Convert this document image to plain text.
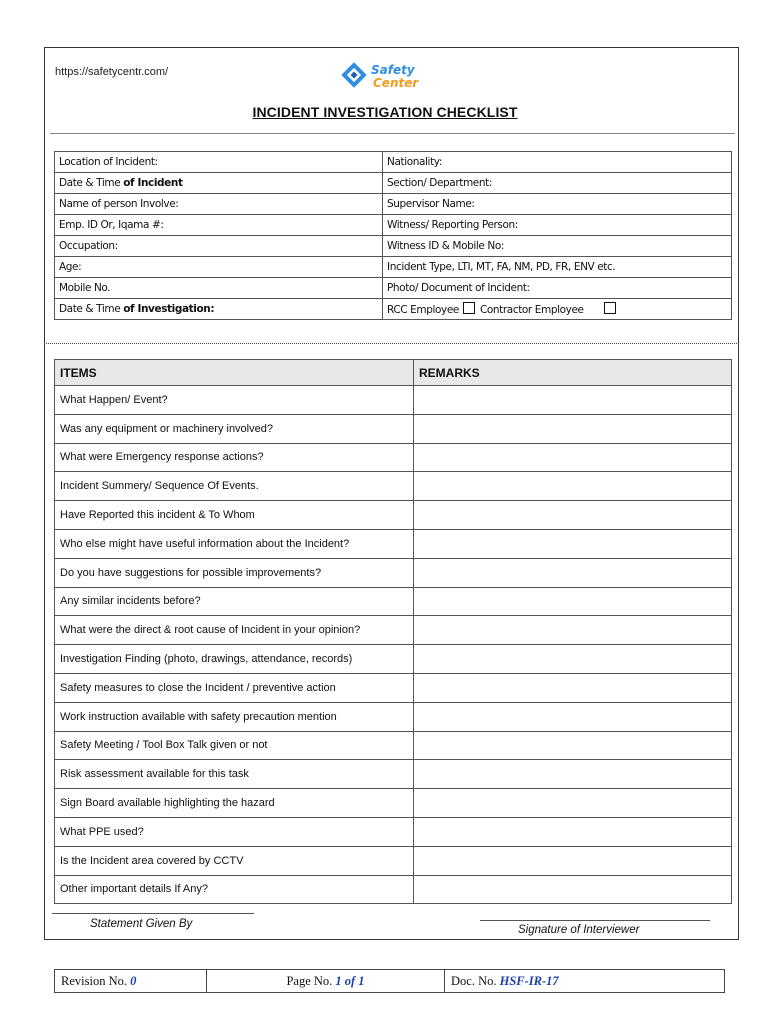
https://safetycentr.com/	Safety
Center
INCIDENT INVESTIGATION CHECKLIST
Location of Incident:	Nationality:
Date & Time of Incident	Section/ Department:
Name of person Involve:	Supervisor Name:
Emp. ID Or, Iqama #:	Witness/ Reporting Person:
Occupation:	Witness ID & Mobile No:
Age:	Incident Type, LTI, MT, FA, NM, PD, FR, ENV etc.
Mobile No.	Photo/ Document of Incident:
Date & Time of Investigation:	RCC Employee Contractor Employee
ITEMS	REMARKS
What Happen/ Event?	
Was any equipment or machinery involved?	
What were Emergency response actions?	
Incident Summery/ Sequence Of Events.	
Have Reported this incident & To Whom	
Who else might have useful information about the Incident?	
Do you have suggestions for possible improvements?	
Any similar incidents before?	
What were the direct & root cause of Incident in your opinion?	
Investigation Finding (photo, drawings, attendance, records)	
Safety measures to close the Incident / preventive action	
Work instruction available with safety precaution mention	
Safety Meeting / Tool Box Talk given or not	
Risk assessment available for this task	
Sign Board available highlighting the hazard	
What PPE used?	
Is the Incident area covered by CCTV	
Other important details If Any?	
Statement Given By	Signature of Interviewer
Revision No. 0	Page No. 1 of 1	Doc. No. HSF-IR-17
